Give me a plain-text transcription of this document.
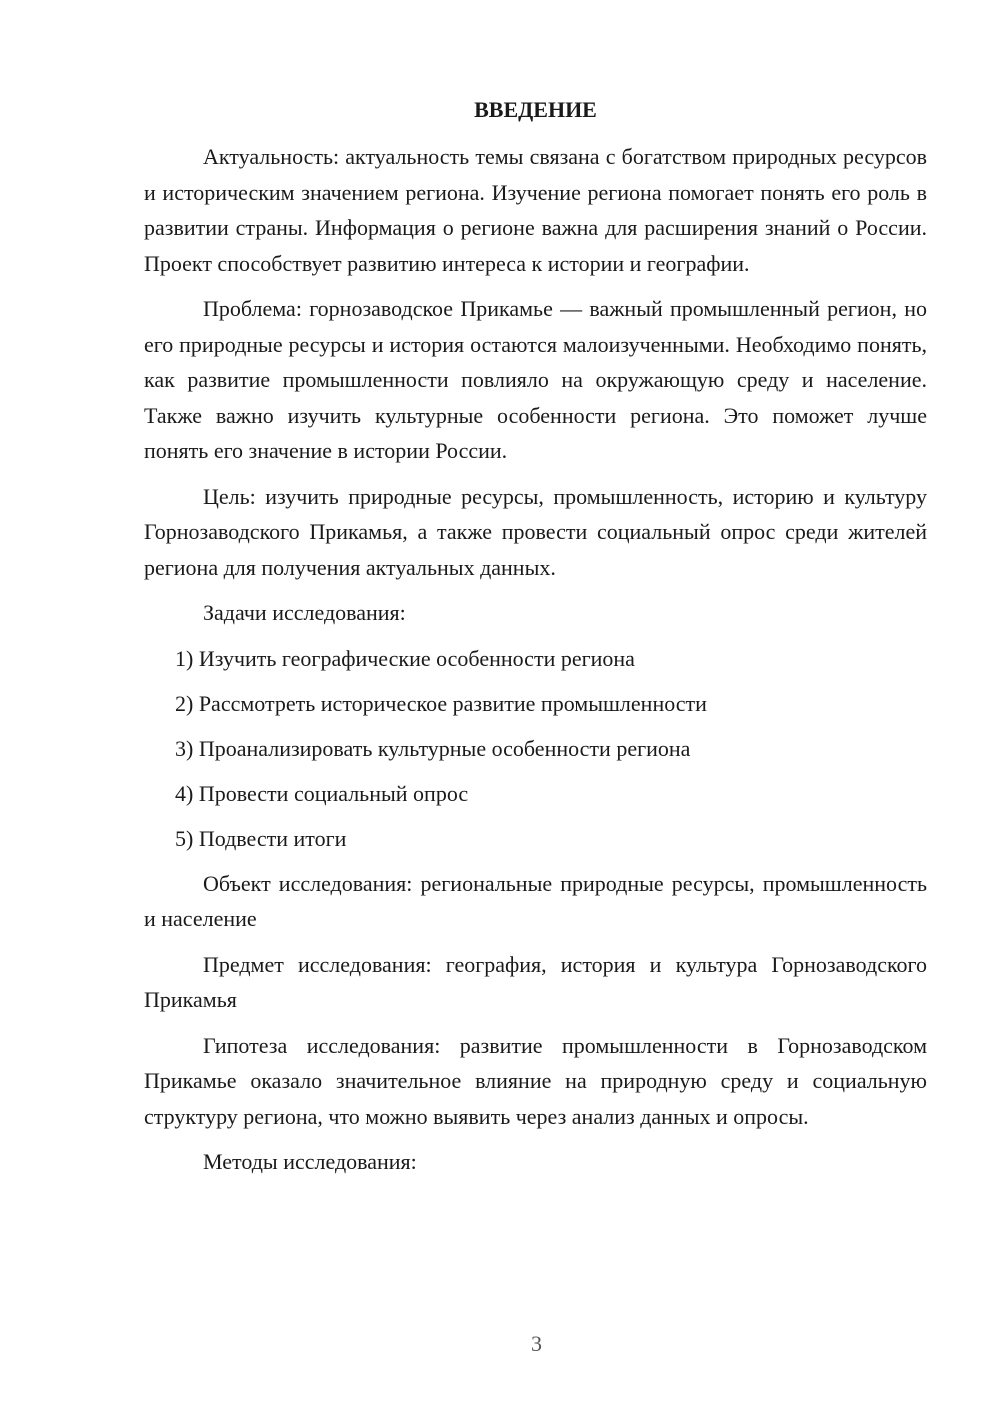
ВВЕДЕНИЕ

Актуальность: актуальность темы связана с богатством природных ресурсов и историческим значением региона. Изучение региона помогает понять его роль в развитии страны. Информация о регионе важна для расширения знаний о России. Проект способствует развитию интереса к истории и географии.

Проблема: горнозаводское Прикамье — важный промышленный регион, но его природные ресурсы и история остаются малоизученными. Необходимо понять, как развитие промышленности повлияло на окружающую среду и население. Также важно изучить культурные особенности региона. Это поможет лучше понять его значение в истории России.

Цель: изучить природные ресурсы, промышленность, историю и культуру Горнозаводского Прикамья, а также провести социальный опрос среди жителей региона для получения актуальных данных.

Задачи исследования:

1) Изучить географические особенности региона
2) Рассмотреть историческое развитие промышленности
3) Проанализировать культурные особенности региона
4) Провести социальный опрос
5) Подвести итоги

Объект исследования: региональные природные ресурсы, промышленность и население

Предмет исследования: география, история и культура Горнозаводского Прикамья

Гипотеза исследования: развитие промышленности в Горнозаводском Прикамье оказало значительное влияние на природную среду и социальную структуру региона, что можно выявить через анализ данных и опросы.

Методы исследования:

3
